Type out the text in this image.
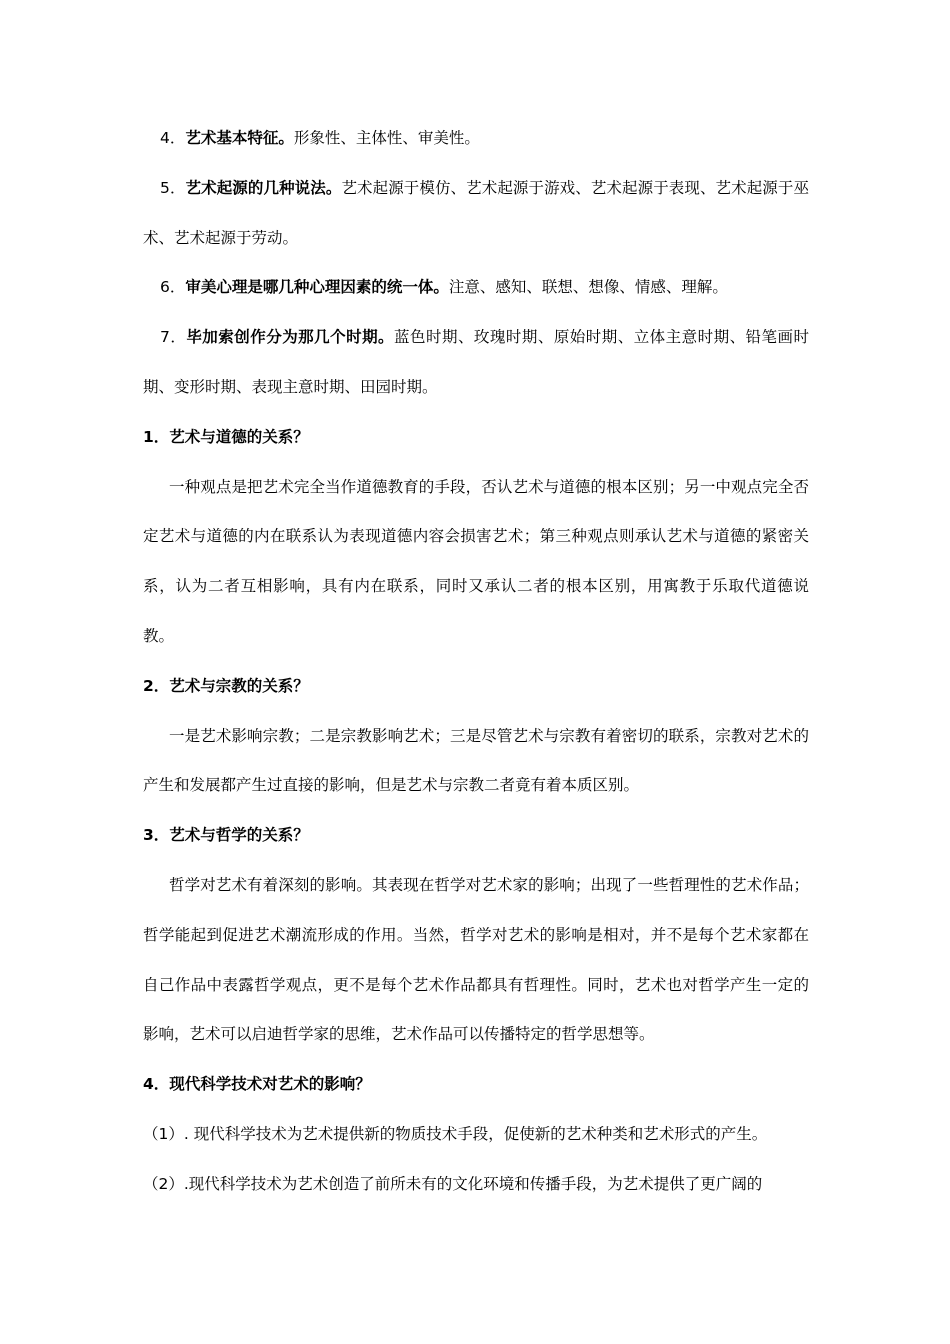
4．艺术基本特征。形象性、主体性、审美性。

5．艺术起源的几种说法。艺术起源于模仿、艺术起源于游戏、艺术起源于表现、艺术起源于巫术、艺术起源于劳动。

6．审美心理是哪几种心理因素的统一体。注意、感知、联想、想像、情感、理解。

7．毕加索创作分为那几个时期。蓝色时期、玫瑰时期、原始时期、立体主意时期、铅笔画时期、变形时期、表现主意时期、田园时期。

1．艺术与道德的关系？

一种观点是把艺术完全当作道德教育的手段，否认艺术与道德的根本区别；另一中观点完全否定艺术与道德的内在联系认为表现道德内容会损害艺术；第三种观点则承认艺术与道德的紧密关系，认为二者互相影响，具有内在联系，同时又承认二者的根本区别，用寓教于乐取代道德说教。

2．艺术与宗教的关系？

一是艺术影响宗教；二是宗教影响艺术；三是尽管艺术与宗教有着密切的联系，宗教对艺术的产生和发展都产生过直接的影响，但是艺术与宗教二者竟有着本质区别。

3．艺术与哲学的关系？

哲学对艺术有着深刻的影响。其表现在哲学对艺术家的影响；出现了一些哲理性的艺术作品；哲学能起到促进艺术潮流形成的作用。当然，哲学对艺术的影响是相对，并不是每个艺术家都在自己作品中表露哲学观点，更不是每个艺术作品都具有哲理性。同时，艺术也对哲学产生一定的影响，艺术可以启迪哲学家的思维，艺术作品可以传播特定的哲学思想等。

4．现代科学技术对艺术的影响？

（1）. 现代科学技术为艺术提供新的物质技术手段，促使新的艺术种类和艺术形式的产生。

（2）.现代科学技术为艺术创造了前所未有的文化环境和传播手段，为艺术提供了更广阔的
